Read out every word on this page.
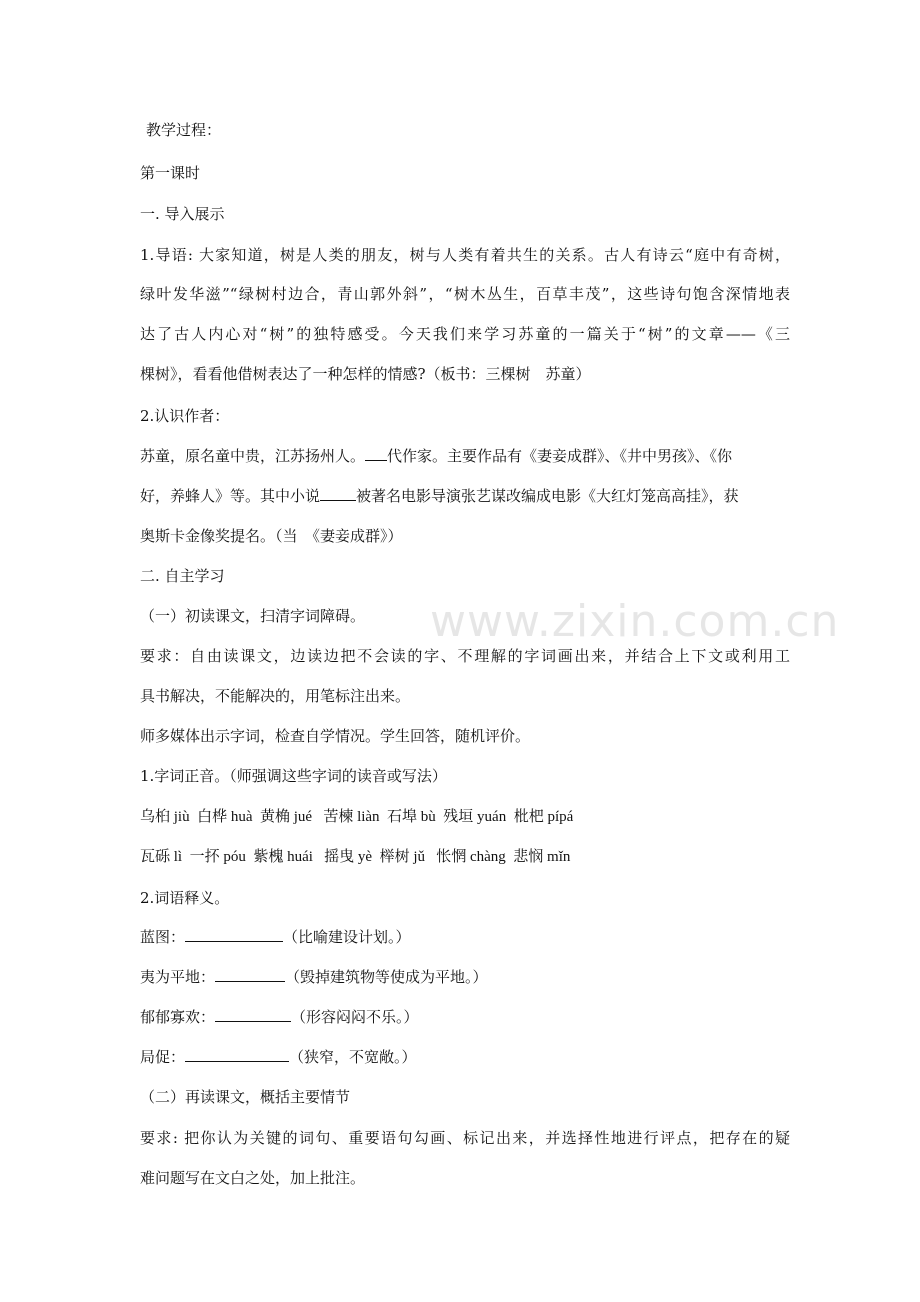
www.zixin.com.cn
教学过程：
第一课时
一. 导入展示
1.导语: 大家知道，树是人类的朋友，树与人类有着共生的关系。古人有诗云“庭中有奇树，
绿叶发华滋”“绿树村边合，青山郭外斜”，“树木丛生，百草丰茂”，这些诗句饱含深情地表
达了古人内心对“树”的独特感受。今天我们来学习苏童的一篇关于“树”的文章——《三
棵树》，看看他借树表达了一种怎样的情感?（板书：三棵树　苏童）
2.认识作者：
苏童，原名童中贵，江苏扬州人。 代作家。主要作品有《妻妾成群》、《井中男孩》、《你
好，养蜂人》等。其中小说 被著名电影导演张艺谋改编成电影《大红灯笼高高挂》，获
奥斯卡金像奖提名。（当　《妻妾成群》）
二. 自主学习
（一）初读课文，扫清字词障碍。
要求：自由读课文，边读边把不会读的字、不理解的字词画出来，并结合上下文或利用工
具书解决，不能解决的，用笔标注出来。
师多媒体出示字词，检查自学情况。学生回答，随机评价。
1.字词正音。（师强调这些字词的读音或写法）
乌桕 jiù  白桦 huà  黄桷 jué   苦楝 liàn  石埠 bù  残垣 yuán  枇杷 pípá
瓦砾 lì  一抔 póu  紫槐 huái   摇曳 yè  榉树 jǔ   怅惘 chàng  悲悯 mǐn
2.词语释义。
蓝图：	（比喻建设计划。）
夷为平地：	（毁掉建筑物等使成为平地。）
郁郁寡欢：	（形容闷闷不乐。）
局促：	（狭窄，不宽敞。）
（二）再读课文，概括主要情节
要求: 把你认为关键的词句、重要语句勾画、标记出来，并选择性地进行评点，把存在的疑
难问题写在文白之处，加上批注。
